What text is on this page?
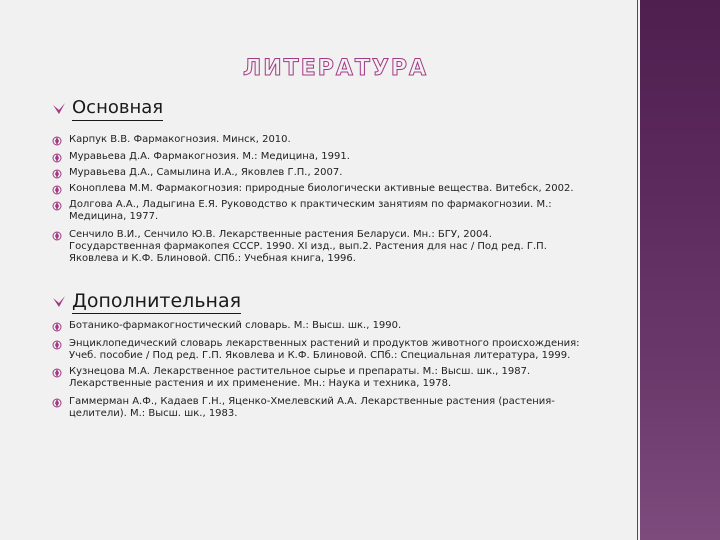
ЛИТЕРАТУРА
Основная
Карпук В.В. Фармакогнозия. Минск, 2010.
Муравьева Д.А. Фармакогнозия. М.: Медицина, 1991.
Муравьева Д.А., Самылина И.А., Яковлев Г.П., 2007.
Коноплева М.М. Фармакогнозия: природные биологически активные вещества. Витебск, 2002.
Долгова А.А., Ладыгина Е.Я. Руководство к практическим занятиям по фармакогнозии. М.:
Медицина, 1977.
Сенчило В.И., Сенчило Ю.В. Лекарственные растения Беларуси. Мн.: БГУ, 2004.
Государственная фармакопея СССР. 1990. XI изд., вып.2. Растения для нас / Под ред. Г.П.
Яковлева и К.Ф. Блиновой. СПб.: Учебная книга, 1996.
Дополнительная
Ботанико-фармакогностический словарь. М.: Высш. шк., 1990.
Энциклопедический словарь лекарственных растений и продуктов животного происхождения:
Учеб. пособие / Под ред. Г.П. Яковлева и К.Ф. Блиновой. СПб.: Специальная литература, 1999.
Кузнецова М.А. Лекарственное растительное сырье и препараты. М.: Высш. шк., 1987.
Лекарственные растения и их применение. Мн.: Наука и техника, 1978.
Гаммерман А.Ф., Кадаев Г.Н., Яценко-Хмелевский А.А. Лекарственные растения (растения-
целители). М.: Высш. шк., 1983.
